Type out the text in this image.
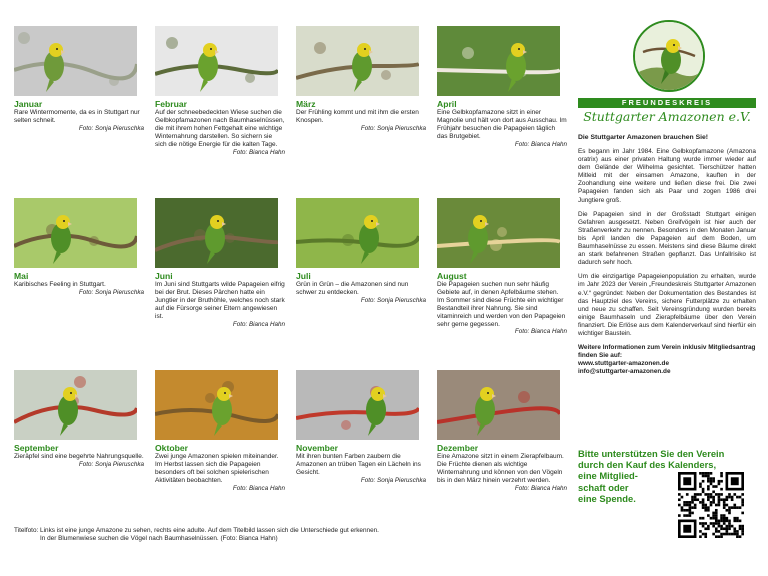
Januar
Rare Wintermomente, da es in Stuttgart nur selten schneit.
Foto: Sonja Pieruschka
Februar
Auf der schneebedeckten Wiese suchen die Gelbkopfamazonen nach Baumhaselnüssen, die mit ihrem hohen Fettgehalt eine wichtige Winternahrung darstellen. So sichern sie sich die nötige Energie für die kalten Tage.
Foto: Bianca Hahn
März
Der Frühling kommt und mit ihm die ersten Knospen.
Foto: Sonja Pieruschka
April
Eine Gelbkopfamazone sitzt in einer Magnolie und hält von dort aus Ausschau. Im Frühjahr besuchen die Papageien täglich das Brutgebiet.
Foto: Bianca Hahn
Mai
Karibisches Feeling in Stuttgart.
Foto: Sonja Pieruschka
Juni
Im Juni sind Stuttgarts wilde Papageien eifrig bei der Brut. Dieses Pärchen hatte ein Jungtier in der Bruthöhle, welches noch stark auf die Fürsorge seiner Eltern angewiesen ist.
Foto: Bianca Hahn
Juli
Grün in Grün – die Amazonen sind nun schwer zu entdecken.
Foto: Sonja Pieruschka
August
Die Papageien suchen nun sehr häufig Gebiete auf, in denen Apfelbäume stehen. Im Sommer sind diese Früchte ein wichtiger Bestandteil ihrer Nahrung. Sie sind vitaminreich und werden von den Papageien sehr gerne gegessen.
Foto: Bianca Hahn
September
Zieräpfel sind eine begehrte Nahrungsquelle.
Foto: Sonja Pieruschka
Oktober
Zwei junge Amazonen spielen miteinander. Im Herbst lassen sich die Papageien besonders oft bei solchen spielerischen Aktivitäten beobachten.
Foto: Bianca Hahn
November
Mit ihren bunten Farben zaubern die Amazonen an trüben Tagen ein Lächeln ins Gesicht.
Foto: Sonja Pieruschka
Dezember
Eine Amazone sitzt in einem Zierapfelbaum. Die Früchte dienen als wichtige Winternahrung und können von den Vögeln bis in den März hinein verzehrt werden.
Foto: Bianca Hahn
FREUNDESKREIS
Stuttgarter Amazonen e.V.
Die Stuttgarter Amazonen brauchen Sie!
Es begann im Jahr 1984. Eine Gelbkopfamazone (Amazona oratrix) aus einer privaten Haltung wurde immer wieder auf dem Gelände der Wilhelma gesichtet. Tierschützer hatten Mitleid mit der einsamen Amazone, kauften in der Zoohandlung eine weitere und ließen diese frei. Die zwei Papageien fanden sich als Paar und zogen 1986 drei Jungtiere groß.
Die Papageien sind in der Großstadt Stuttgart einigen Gefahren ausgesetzt. Neben Greifvögeln ist hier auch der Straßenverkehr zu nennen. Besonders in den Monaten Januar bis April landen die Papageien auf dem Boden, um Baumhaselnüsse zu essen. Meistens sind diese Bäume direkt an stark befahrenen Straßen gepflanzt. Das Unfallrisiko ist dadurch sehr hoch.
Um die einzigartige Papageienpopulation zu erhalten, wurde im Jahr 2023 der Verein „Freundeskreis Stuttgarter Amazonen e.V.“ gegründet: Neben der Dokumentation des Bestandes ist das Hauptziel des Vereins, sichere Futterplätze zu erhalten und neue zu schaffen. Seit Vereinsgründung wurden bereits einige Baumhaseln und Zierapfelbäume über den Verein finanziert. Die Erlöse aus dem Kalenderverkauf sind hierfür ein wichtiger Baustein.
Weitere Informationen zum Verein inklusiv Mitgliedsantrag finden Sie auf:
www.stuttgarter-amazonen.de
info@stuttgarter-amazonen.de
Bitte unterstützen Sie den Verein
durch den Kauf des Kalenders,
eine Mitglied-
schaft oder
eine Spende.
Titelfoto: Links ist eine junge Amazone zu sehen, rechts eine adulte. Auf dem Titelbild lassen sich die Unterschiede gut erkennen.
In der Blumenwiese suchen die Vögel nach Baumhaselnüssen. (Foto: Bianca Hahn)
